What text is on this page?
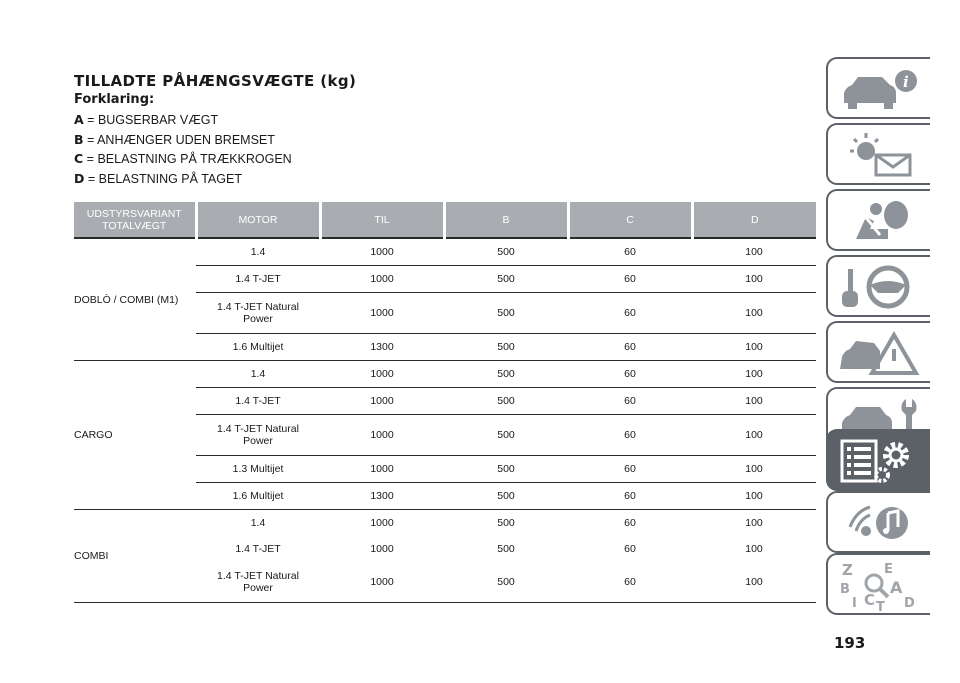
TILLADTE PÅHÆNGSVÆGTE (kg)
Forklaring:
A = BUGSERBAR VÆGT
B = ANHÆNGER UDEN BREMSET
C = BELASTNING PÅ TRÆKKROGEN
D = BELASTNING PÅ TAGET
UDSTYRSVARIANT
TOTALVÆGT	MOTOR	TIL	B	C	D
DOBLÒ / COMBI (M1)	1.4	1000	500	60	100
	1.4 T-JET	1000	500	60	100
	1.4 T-JET Natural
Power	1000	500	60	100
	1.6 Multijet	1300	500	60	100
CARGO	1.4	1000	500	60	100
	1.4 T-JET	1000	500	60	100
	1.4 T-JET Natural
Power	1000	500	60	100
	1.3 Multijet	1000	500	60	100
	1.6 Multijet	1300	500	60	100
COMBI	1.4	1000	500	60	100
	1.4 T-JET	1000	500	60	100
	1.4 T-JET Natural
Power	1000	500	60	100
193
i
Z E
B	A
I C T D
